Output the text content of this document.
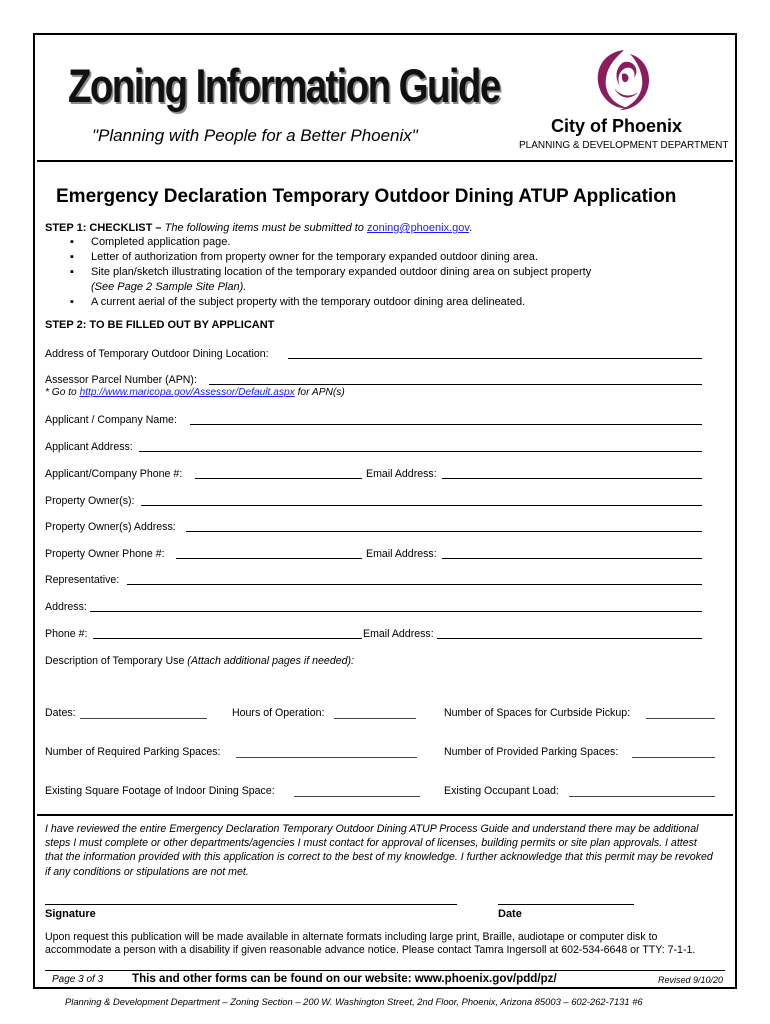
Zoning Information Guide
"Planning with People for a Better Phoenix"	City of Phoenix
PLANNING & DEVELOPMENT DEPARTMENT
Emergency Declaration Temporary Outdoor Dining ATUP Application
STEP 1: CHECKLIST – The following items must be submitted to zoning@phoenix.gov.
▪ Completed application page.
▪ Letter of authorization from property owner for the temporary expanded outdoor dining area.
▪ Site plan/sketch illustrating location of the temporary expanded outdoor dining area on subject property
(See Page 2 Sample Site Plan).
▪ A current aerial of the subject property with the temporary outdoor dining area delineated.
STEP 2: TO BE FILLED OUT BY APPLICANT
Address of Temporary Outdoor Dining Location:
Assessor Parcel Number (APN):
* Go to http://www.maricopa.gov/Assessor/Default.aspx for APN(s)
Applicant / Company Name:
Applicant Address:
Applicant/Company Phone #:	Email Address:
Property Owner(s):
Property Owner(s) Address:
Property Owner Phone #:	Email Address:
Representative:
Address:
Phone #:	Email Address:
Description of Temporary Use (Attach additional pages if needed):
Dates:	Hours of Operation:	Number of Spaces for Curbside Pickup:
Number of Required Parking Spaces:	Number of Provided Parking Spaces:
Existing Square Footage of Indoor Dining Space:	Existing Occupant Load:
I have reviewed the entire Emergency Declaration Temporary Outdoor Dining ATUP Process Guide and understand there may be additional steps I must complete or other departments/agencies I must contact for approval of licenses, building permits or site plan approvals. I attest that the information provided with this application is correct to the best of my knowledge. I further acknowledge that this permit may be revoked if any conditions or stipulations are not met.
Signature	Date
Upon request this publication will be made available in alternate formats including large print, Braille, audiotape or computer disk to accommodate a person with a disability if given reasonable advance notice. Please contact Tamra Ingersoll at 602-534-6648 or TTY: 7-1-1.
Page 3 of 3 This and other forms can be found on our website: www.phoenix.gov/pdd/pz/	Revised 9/10/20
Planning & Development Department – Zoning Section – 200 W. Washington Street, 2nd Floor, Phoenix, Arizona 85003 – 602-262-7131 #6
